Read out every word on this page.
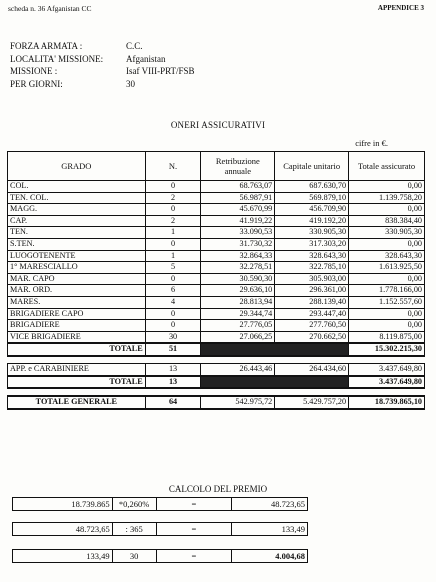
scheda n. 36 Afganistan CC	APPENDICE 3
FORZA ARMATA :	C.C.
LOCALITA' MISSIONE:	Afganistan
MISSIONE :	Isaf VIII-PRT/FSB
PER GIORNI:	30
ONERI ASSICURATIVI
cifre in €.
GRADO	N.	Retribuzione annuale	Capitale unitario	Totale assicurato
COL.	0	68.763,07	687.630,70	0,00
TEN. COL.	2	56.987,91	569.879,10	1.139.758,20
MAGG.	0	45.670,99	456.709,90	0,00
CAP.	2	41.919,22	419.192,20	838.384,40
TEN.	1	33.090,53	330.905,30	330.905,30
S.TEN.	0	31.730,32	317.303,20	0,00
LUOGOTENENTE	1	32.864,33	328.643,30	328.643,30
1° MARESCIALLO	5	32.278,51	322.785,10	1.613.925,50
MAR. CAPO	0	30.590,30	305.903,00	0,00
MAR. ORD.	6	29.636,10	296.361,00	1.778.166,00
MARES.	4	28.813,94	288.139,40	1.152.557,60
BRIGADIERE CAPO	0	29.344,74	293.447,40	0,00
BRIGADIERE	0	27.776,05	277.760,50	0,00
VICE BRIGADIERE	30	27.066,25	270.662,50	8.119.875,00
TOTALE	51			15.302.215,30

APP. e CARABINIERE	13	26.443,46	264.434,60	3.437.649,80
TOTALE	13			3.437.649,80

TOTALE GENERALE	64	542.975,72	5.429.757,20	18.739.865,10
CALCOLO DEL PREMIO
18.739.865	*0,260%	=	48.723,65
48.723,65	: 365	=	133,49
133,49	30	=	4.004,68
